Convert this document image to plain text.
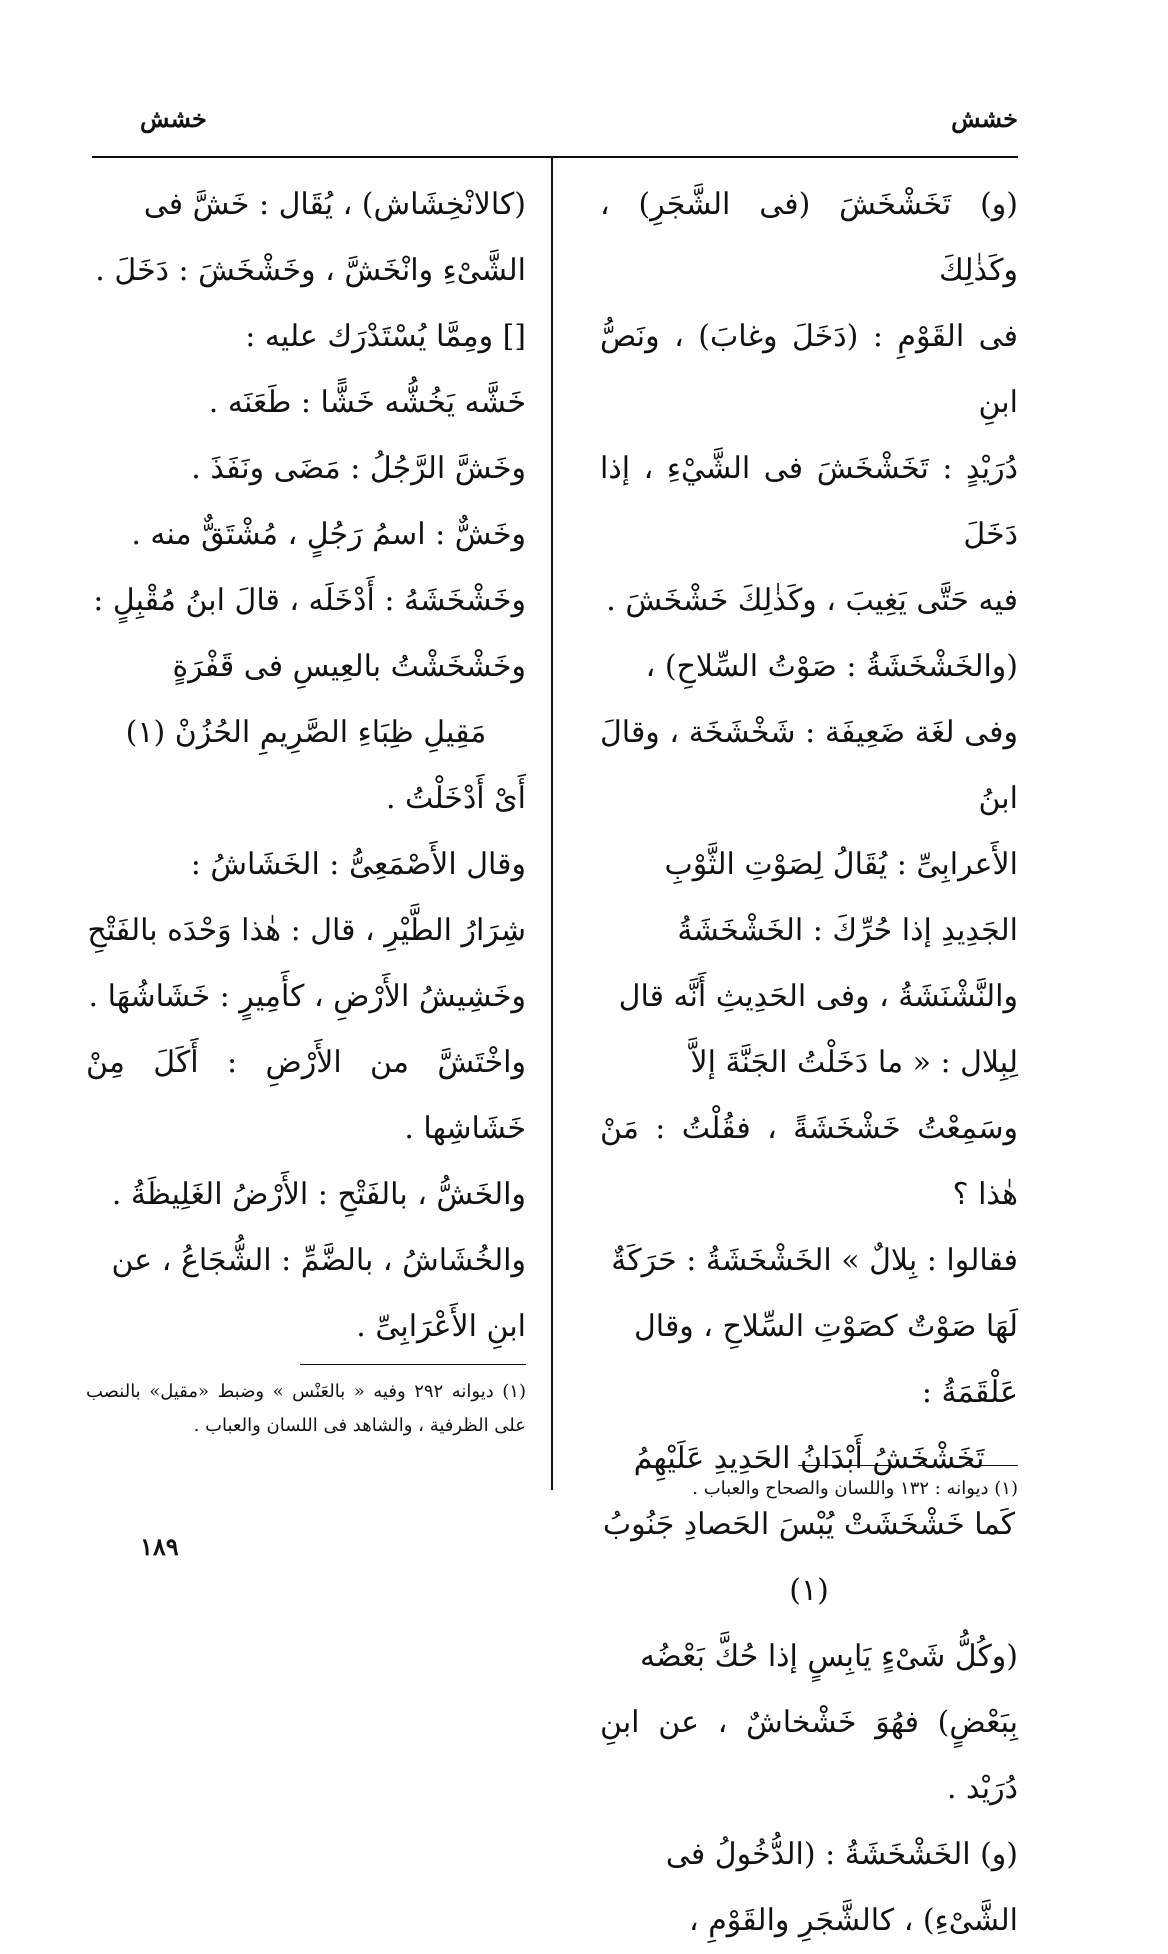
خشش
خشش

(و) تَخَشْخَشَ (فى الشَّجَرِ) ، وكَذٰلِكَ

فى القَوْمِ : (دَخَلَ وغابَ) ، ونَصُّ ابنِ

دُرَيْدٍ : تَخَشْخَشَ فى الشَّيْءِ ، إذا دَخَلَ

فيه حَتَّى يَغِيبَ ، وكَذٰلِكَ خَشْخَشَ .

(والخَشْخَشَةُ : صَوْتُ السِّلاحِ) ،

وفى لغَة ضَعِيفَة : شَخْشَخَة ، وقالَ ابنُ

الأَعرابِىِّ : يُقَالُ لِصَوْتِ الثَّوْبِ

الجَدِيدِ إذا حُرِّكَ : الخَشْخَشَةُ

والنَّشْنَشَةُ ، وفى الحَدِيثِ أَنَّه قال

لِبِلال : « ما دَخَلْتُ الجَنَّةَ إلاَّ

وسَمِعْتُ خَشْخَشَةً ، فقُلْتُ : مَنْ هٰذا ؟

فقالوا : بِلالٌ » الخَشْخَشَةُ : حَرَكَةٌ

لَهَا صَوْتٌ كصَوْتِ السِّلاحِ ، وقال

عَلْقَمَةُ :

تَخَشْخَشُ أَبْدَانُ الحَدِيدِ عَلَيْهِمُ

كَما خَشْخَشَتْ يُبْسَ الحَصادِ جَنُوبُ (١)

(وكُلُّ شَىْءٍ يَابِسٍ إذا حُكَّ بَعْضُه

بِبَعْضٍ) فهُوَ خَشْخاشٌ ، عن ابنِ دُرَيْد .

(و) الخَشْخَشَةُ : (الدُّخُولُ فى

الشَّىْءِ) ، كالشَّجَرِ والقَوْمِ ،

(كالانْخِشَاش) ، يُقَال : خَشَّ فى

الشَّىْءِ وانْخَشَّ ، وخَشْخَشَ : دَخَلَ .

[] ومِمَّا يُسْتَدْرَك عليه :

خَشَّه يَخُشُّه خَشًّا : طَعَنَه .

وخَشَّ الرَّجُلُ : مَضَى ونَفَذَ .

وخَشٌّ : اسمُ رَجُلٍ ، مُشْتَقٌّ منه .

وخَشْخَشَهُ : أَدْخَلَه ، قالَ ابنُ مُقْبِلٍ :

وخَشْخَشْتُ بالعِيسِ فى قَفْرَةٍ

مَقِيلِ ظِبَاءِ الصَّرِيمِ الحُزُنْ (١)

أَىْ أَدْخَلْتُ .

وقال الأَصْمَعِىُّ : الخَشَاشُ :

شِرَارُ الطَّيْرِ ، قال : هٰذا وَحْدَه بالفَتْحِ

وخَشِيشُ الأَرْضِ ، كأَمِيرٍ : خَشَاشُهَا .

واخْتَشَّ من الأَرْضِ : أَكَلَ مِنْ خَشَاشِها .

والخَشُّ ، بالفَتْحِ : الأَرْضُ الغَلِيظَةُ .

والخُشَاشُ ، بالضَّمِّ : الشُّجَاعُ ، عن

ابنِ الأَعْرَابِىِّ .

(١) ديوانه : ١٣٢ واللسان والصحاح والعباب .
(١) ديوانه ٢٩٢ وفيه « بالعَنْس » وضبط «مقيل» بالنصب على الظرفية ، والشاهد فى اللسان والعباب .
١٨٩
